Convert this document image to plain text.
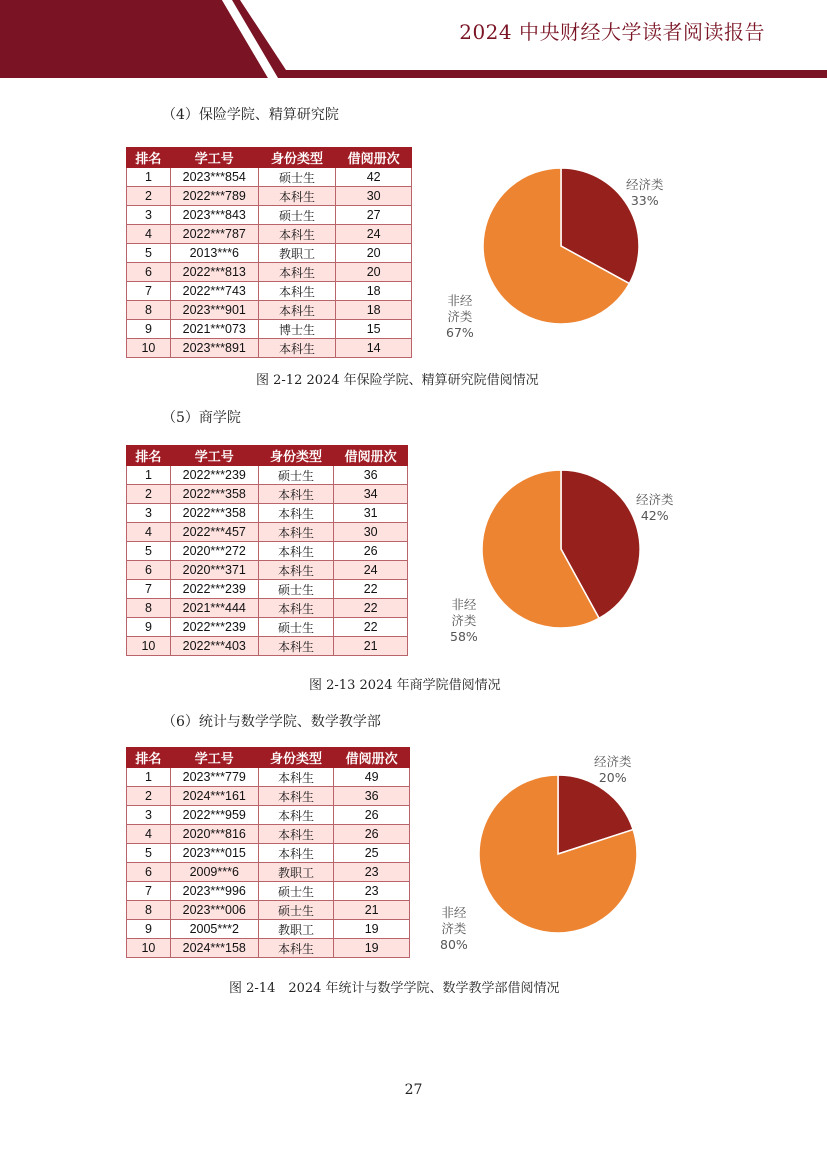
2024 中央财经大学读者阅读报告
（4）保险学院、精算研究院
排名	学工号	身份类型	借阅册次
1	2023***854	硕士生	42
2	2022***789	本科生	30
3	2023***843	硕士生	27
4	2022***787	本科生	24
5	2013***6	教职工	20
6	2022***813	本科生	20
7	2022***743	本科生	18
8	2023***901	本科生	18
9	2021***073	博士生	15
10	2023***891	本科生	14
经济类
33%
非经
济类
67%
图 2-12 2024 年保险学院、精算研究院借阅情况
（5）商学院
排名	学工号	身份类型	借阅册次
1	2022***239	硕士生	36
2	2022***358	本科生	34
3	2022***358	本科生	31
4	2022***457	本科生	30
5	2020***272	本科生	26
6	2020***371	本科生	24
7	2022***239	硕士生	22
8	2021***444	本科生	22
9	2022***239	硕士生	22
10	2022***403	本科生	21
经济类
42%
非经
济类
58%
图 2-13 2024 年商学院借阅情况
（6）统计与数学学院、数学教学部
排名	学工号	身份类型	借阅册次
1	2023***779	本科生	49
2	2024***161	本科生	36
3	2022***959	本科生	26
4	2020***816	本科生	26
5	2023***015	本科生	25
6	2009***6	教职工	23
7	2023***996	硕士生	23
8	2023***006	硕士生	21
9	2005***2	教职工	19
10	2024***158	本科生	19
经济类
20%
非经
济类
80%
图 2-14　2024 年统计与数学学院、数学教学部借阅情况
27
